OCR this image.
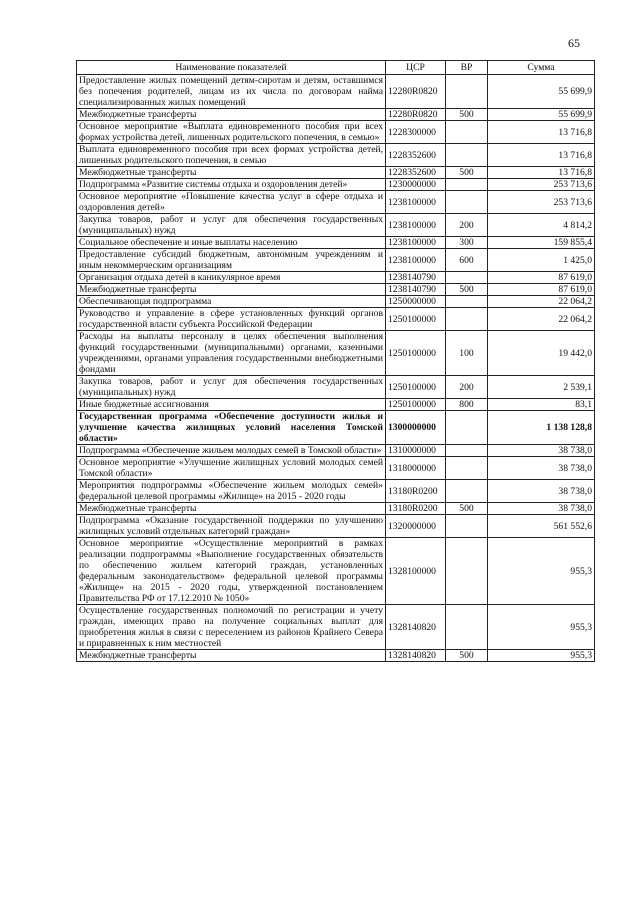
65
Наименование показателей	ЦСР	ВР	Сумма
Предоставление жилых помещений детям-сиротам и детям, оставшимся без попечения родителей, лицам из их числа по договорам найма специализированных жилых помещений	12280R0820		55 699,9
Межбюджетные трансферты	12280R0820	500	55 699,9
Основное мероприятие «Выплата единовременного пособия при всех формах устройства детей, лишенных родительского попечения, в семью»	1228300000		13 716,8
Выплата единовременного пособия при всех формах устройства детей, лишенных родительского попечения, в семью	1228352600		13 716,8
Межбюджетные трансферты	1228352600	500	13 716,8
Подпрограмма «Развитие системы отдыха и оздоровления детей»	1230000000		253 713,6
Основное мероприятие «Повышение качества услуг в сфере отдыха и оздоровления детей»	1238100000		253 713,6
Закупка товаров, работ и услуг для обеспечения государственных (муниципальных) нужд	1238100000	200	4 814,2
Социальное обеспечение и иные выплаты населению	1238100000	300	159 855,4
Предоставление субсидий бюджетным, автономным учреждениям и иным некоммерческим организациям	1238100000	600	1 425,0
Организация отдыха детей в каникулярное время	1238140790		87 619,0
Межбюджетные трансферты	1238140790	500	87 619,0
Обеспечивающая подпрограмма	1250000000		22 064,2
Руководство и управление в сфере установленных функций органов государственной власти субъекта Российской Федерации	1250100000		22 064,2
Расходы на выплаты персоналу в целях обеспечения выполнения функций государственными (муниципальными) органами, казенными учреждениями, органами управления государственными внебюджетными фондами	1250100000	100	19 442,0
Закупка товаров, работ и услуг для обеспечения государственных (муниципальных) нужд	1250100000	200	2 539,1
Иные бюджетные ассигнования	1250100000	800	83,1
Государственная программа «Обеспечение доступности жилья и улучшение качества жилищных условий населения Томской области»	1300000000		1 138 128,8
Подпрограмма «Обеспечение жильем молодых семей в Томской области»	1310000000		38 738,0
Основное мероприятие «Улучшение жилищных условий молодых семей Томской области»	1318000000		38 738,0
Мероприятия подпрограммы «Обеспечение жильем молодых семей» федеральной целевой программы «Жилище» на 2015 - 2020 годы	13180R0200		38 738,0
Межбюджетные трансферты	13180R0200	500	38 738,0
Подпрограмма «Оказание государственной поддержки по улучшению жилищных условий отдельных категорий граждан»	1320000000		561 552,6
Основное мероприятие «Осуществление мероприятий в рамках реализации подпрограммы «Выполнение государственных обязательств по обеспечению жильем категорий граждан, установленных федеральным законодательством» федеральной целевой программы «Жилище» на 2015 - 2020 годы, утвержденной постановлением Правительства РФ от 17.12.2010 № 1050»	1328100000		955,3
Осуществление государственных полномочий по регистрации и учету граждан, имеющих право на получение социальных выплат для приобретения жилья в связи с переселением из районов Крайнего Севера и приравненных к ним местностей	1328140820		955,3
Межбюджетные трансферты	1328140820	500	955,3
